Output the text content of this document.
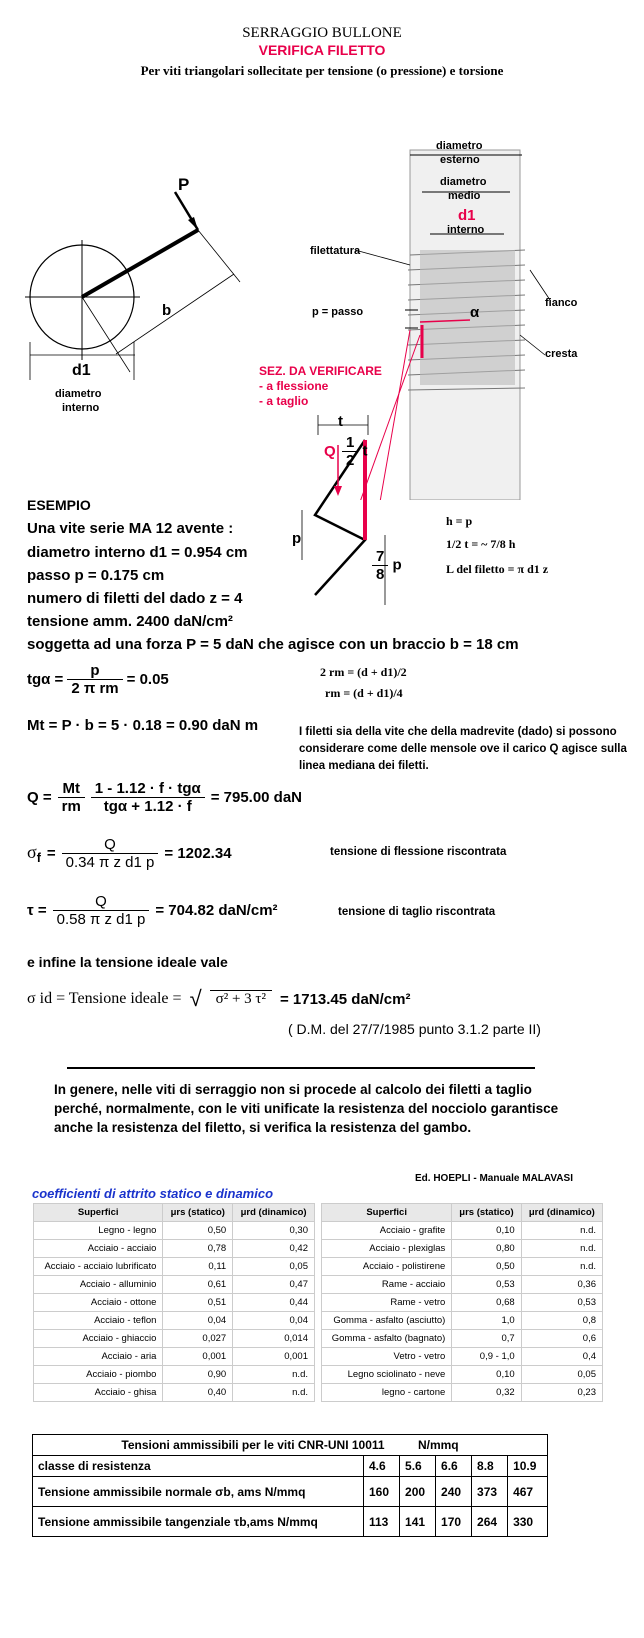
SERRAGGIO BULLONE
VERIFICA FILETTO
Per viti triangolari sollecitate per tensione (o pressione) e torsione
P
b
d1
diametro
interno
diametro
esterno
diametro
medio
d1
interno
filettatura
p = passo	α
fianco
cresta
SEZ. DA VERIFICARE
- a flessione
- a taglio
t
Q $\frac{1}{2}$ t
p
$\frac{7}{8}$ p
h = p
1/2 t = ~ 7/8 h
L del filetto = π d1 z
ESEMPIO
Una vite serie MA 12 avente :
diametro interno d1 = 0.954 cm
passo p = 0.175 cm
numero di filetti del dado z = 4
tensione amm. 2400 daN/cm²
soggetta ad una forza P = 5 daN che agisce con un braccio b = 18 cm
$tg\alpha = \frac{p}{\text{2 π rm}} = 0.05$	2 rm = (d + d1)/2
rm = (d + d1)/4
Mt = P · b = 5 · 0.18 = 0.90 daN m	I filetti sia della vite che della madrevite (dado) si possono considerare come delle mensole ove il carico Q agisce sulla linea mediana dei filetti.
$Q = \frac{Mt}{rm} \frac{\text{1 - 1.12 · f · tgα}}{\text{tgα + 1.12 · f}} = 795.00$ daN
$\sigma_f = \frac{Q}{\text{0.34 π z d1 p}} = 1202.34$	tensione di flessione riscontrata
$\tau = \frac{Q}{\text{0.58 π z d1 p}} = 704.82$ daN/cm²	tensione di taglio riscontrata
e infine la tensione ideale vale
σ id = Tensione ideale = √ σ² + 3 τ² = 1713.45 daN/cm²
( D.M. del 27/7/1985 punto 3.1.2 parte II)
In genere, nelle viti di serraggio non si procede al calcolo dei filetti a taglio perché, normalmente, con le viti unificate la resistenza del nocciolo garantisce anche la resistenza del filetto, si verifica la resistenza del gambo.
Ed. HOEPLI - Manuale MALAVASI
coefficienti di attrito statico e dinamico
Superfici	μrs (statico)	μrd (dinamico)
Legno - legno	0,50	0,30
Acciaio - acciaio	0,78	0,42
Acciaio - acciaio lubrificato	0,11	0,05
Acciaio - alluminio	0,61	0,47
Acciaio - ottone	0,51	0,44
Acciaio - teflon	0,04	0,04
Acciaio - ghiaccio	0,027	0,014
Acciaio - aria	0,001	0,001
Acciaio - piombo	0,90	n.d.
Acciaio - ghisa	0,40	n.d.
Superfici	μrs (statico)	μrd (dinamico)
Acciaio - grafite	0,10	n.d.
Acciaio - plexiglas	0,80	n.d.
Acciaio - polistirene	0,50	n.d.
Rame - acciaio	0,53	0,36
Rame - vetro	0,68	0,53
Gomma - asfalto (asciutto)	1,0	0,8
Gomma - asfalto (bagnato)	0,7	0,6
Vetro - vetro	0,9 - 1,0	0,4
Legno sciolinato - neve	0,10	0,05
legno - cartone	0,32	0,23
Tensioni ammissibili per le viti CNR-UNI 10011 N/mmq					
classe di resistenza	4.6	5.6	6.6	8.8	10.9
Tensione ammissibile normale σb, ams N/mmq	160	200	240	373	467
Tensione ammissibile tangenziale τb,ams N/mmq	113	141	170	264	330
